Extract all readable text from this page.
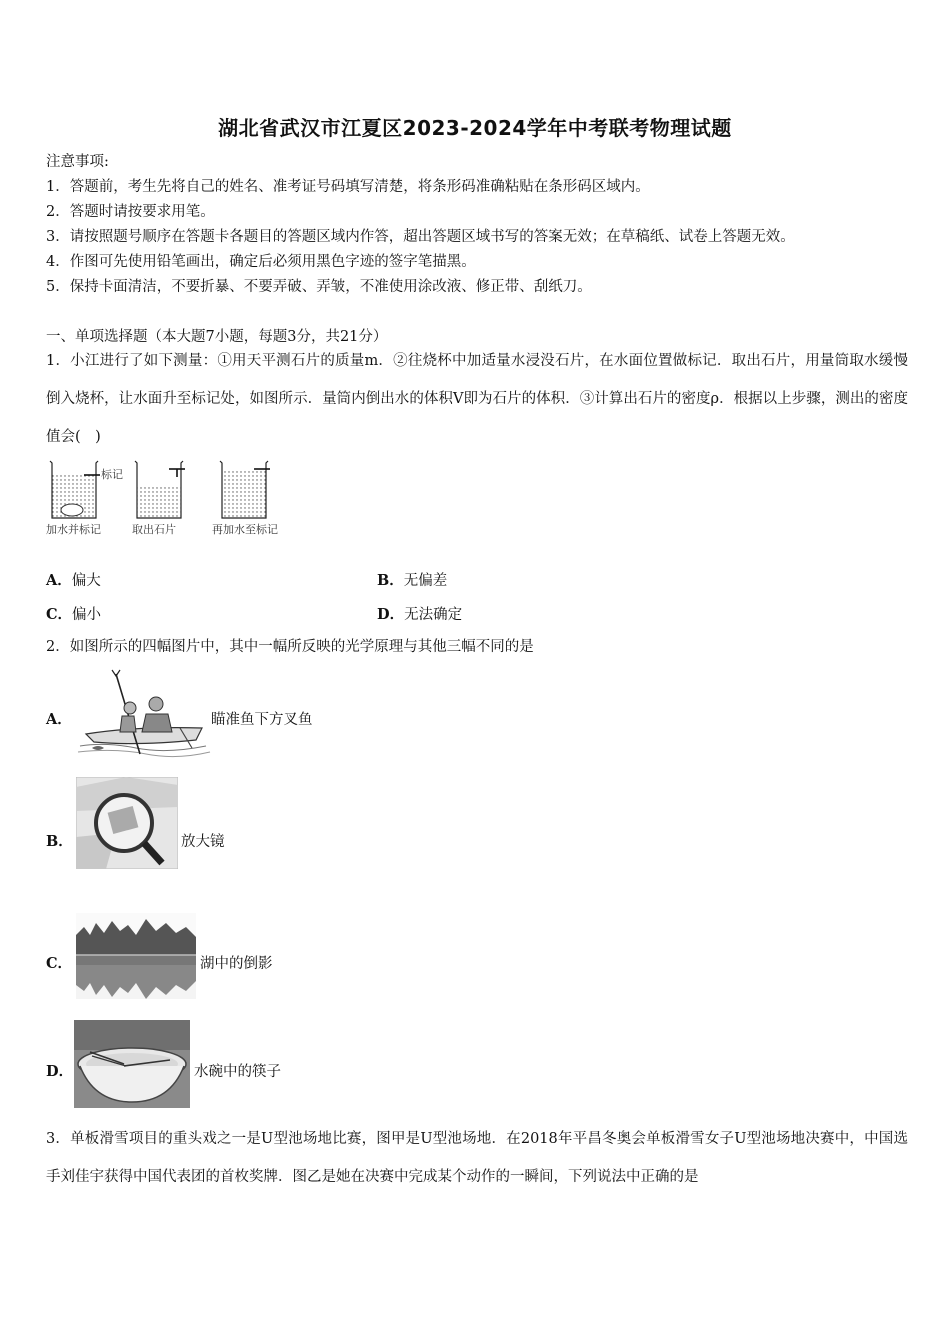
湖北省武汉市江夏区2023-2024学年中考联考物理试题
注意事项:
1．答题前，考生先将自己的姓名、准考证号码填写清楚，将条形码准确粘贴在条形码区域内。
2．答题时请按要求用笔。
3．请按照题号顺序在答题卡各题目的答题区域内作答，超出答题区域书写的答案无效；在草稿纸、试卷上答题无效。
4．作图可先使用铅笔画出，确定后必须用黑色字迹的签字笔描黑。
5．保持卡面清洁，不要折暴、不要弄破、弄皱，不准使用涂改液、修正带、刮纸刀。
一、单项选择题（本大题7小题，每题3分，共21分）
1．小江进行了如下测量：①用天平测石片的质量m．②往烧杯中加适量水浸没石片，在水面位置做标记．取出石片，用量筒取水缓慢倒入烧杯，让水面升至标记处，如图所示．量筒内倒出水的体积V即为石片的体积．③计算出石片的密度ρ．根据以上步骤，测出的密度值会(　)
标记
加水并标记	取出石片	再加水至标记
A．偏大	B．无偏差
C．偏小	D．无法确定
2．如图所示的四幅图片中，其中一幅所反映的光学原理与其他三幅不同的是
A．	瞄准鱼下方叉鱼
B．	放大镜
C．	湖中的倒影
D．	水碗中的筷子
3．单板滑雪项目的重头戏之一是U型池场地比赛，图甲是U型池场地．在2018年平昌冬奥会单板滑雪女子U型池场地决赛中，中国选手刘佳宇获得中国代表团的首枚奖牌．图乙是她在决赛中完成某个动作的一瞬间，下列说法中正确的是
